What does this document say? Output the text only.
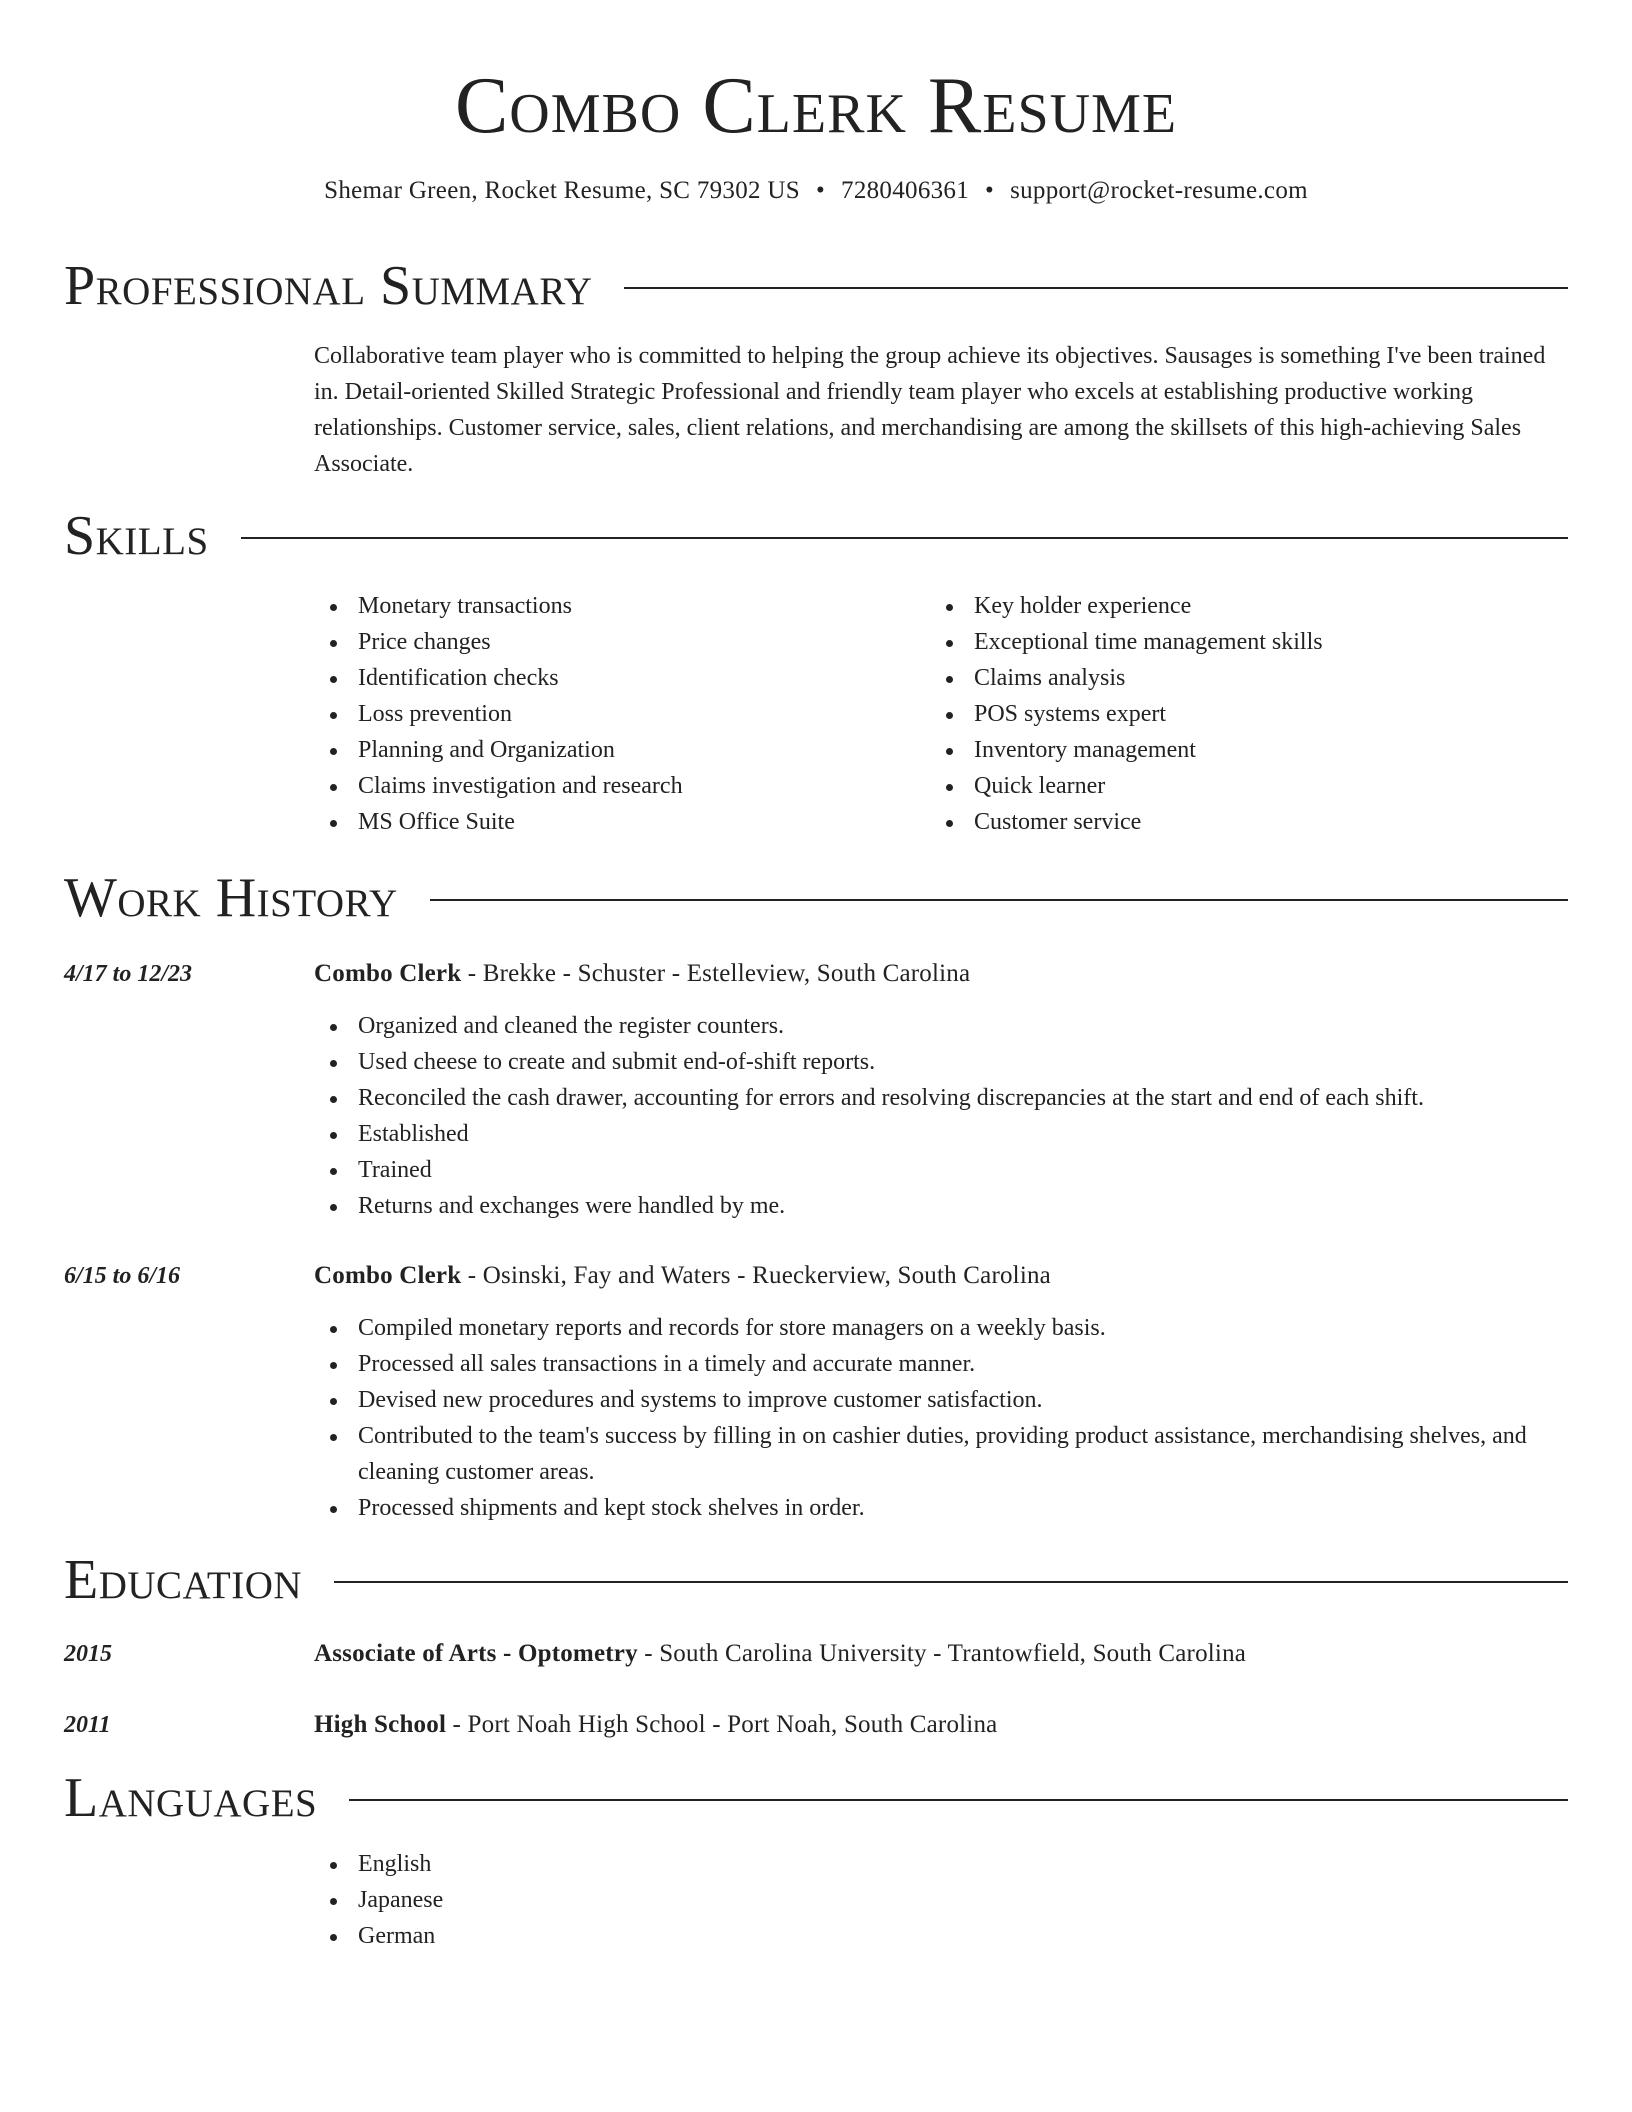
Combo Clerk Resume
Shemar Green, Rocket Resume, SC 79302 US • 7280406361 • support@rocket-resume.com
Professional Summary
Collaborative team player who is committed to helping the group achieve its objectives. Sausages is something I've been trained in. Detail-oriented Skilled Strategic Professional and friendly team player who excels at establishing productive working relationships. Customer service, sales, client relations, and merchandising are among the skillsets of this high-achieving Sales Associate.
Skills
Monetary transactions
Price changes
Identification checks
Loss prevention
Planning and Organization
Claims investigation and research
MS Office Suite
Key holder experience
Exceptional time management skills
Claims analysis
POS systems expert
Inventory management
Quick learner
Customer service
Work History
4/17 to 12/23	Combo Clerk - Brekke - Schuster - Estelleview, South Carolina
Organized and cleaned the register counters.
Used cheese to create and submit end-of-shift reports.
Reconciled the cash drawer, accounting for errors and resolving discrepancies at the start and end of each shift.
Established
Trained
Returns and exchanges were handled by me.
6/15 to 6/16	Combo Clerk - Osinski, Fay and Waters - Rueckerview, South Carolina
Compiled monetary reports and records for store managers on a weekly basis.
Processed all sales transactions in a timely and accurate manner.
Devised new procedures and systems to improve customer satisfaction.
Contributed to the team's success by filling in on cashier duties, providing product assistance, merchandising shelves, and cleaning customer areas.
Processed shipments and kept stock shelves in order.
Education
2015	Associate of Arts - Optometry - South Carolina University - Trantowfield, South Carolina
2011	High School - Port Noah High School - Port Noah, South Carolina
Languages
English
Japanese
German
